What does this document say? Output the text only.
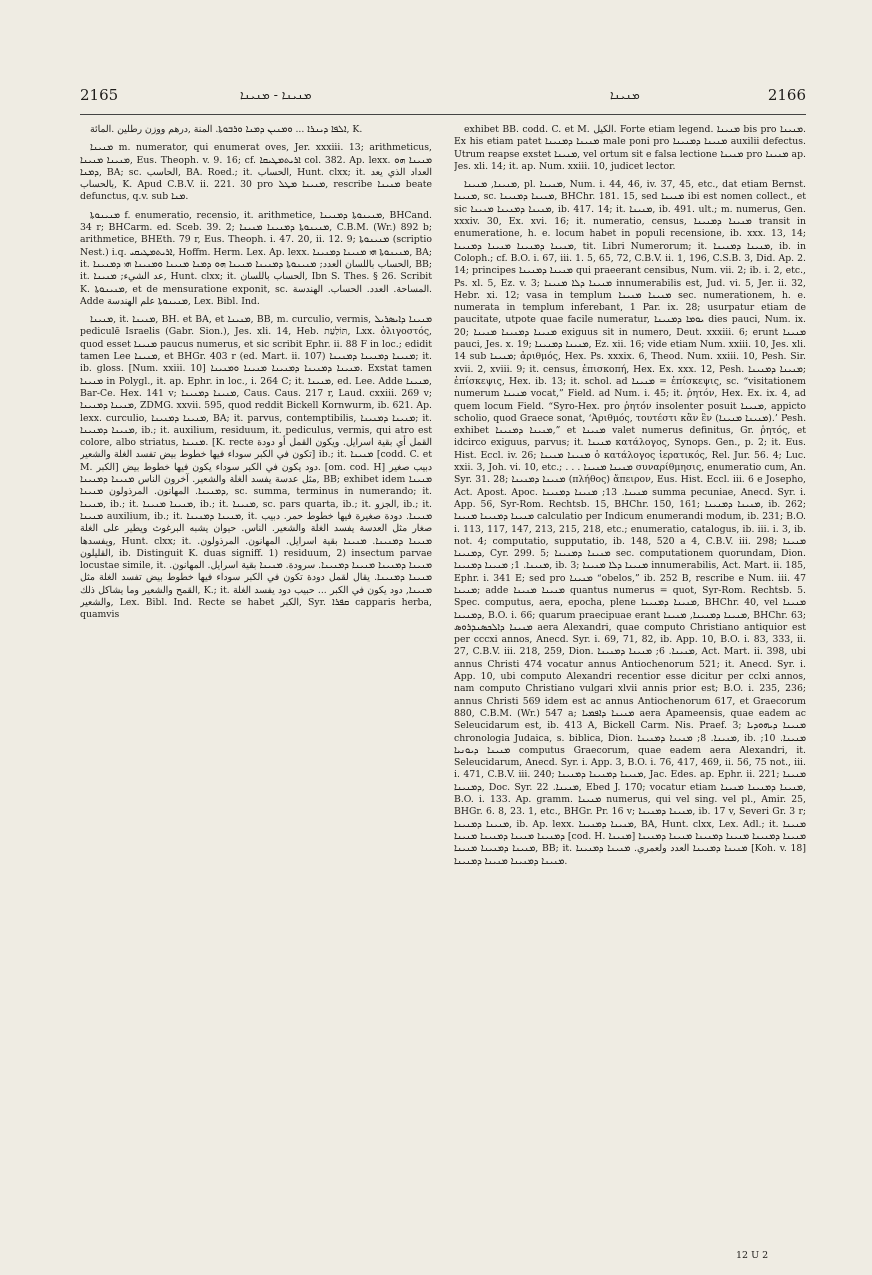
2165	ܡܢܝܢܐ - ܡܢܝܢܐ	ܡܢܝܢܐ	2166

ܐܠܦܐ ܕܝܢܪܐ ... ܘܡܢܝܢ ܕܡܢܐ ܘܪܒܘܬܐ. المنة ,درهم ووزن رطلين .المائة, K.

ܡܢܝܢܐ m. numerator, qui enumerat oves, Jer. xxxiii. 13; arithmeticus, ܡܢܝܢܐ ܡܢܝܢܐ, Eus. Theoph. v. 9. 16; cf. ܐܪܝܬܡܛܝܩܐ col. 382. Ap. lexx. ܡܢܝܢܐ ܗܘ ܕܡܢܐ, BA; sc. الحاسب, BA. Roed.; it. الحساب, Hunt. clxx; it. العداد الذي يعد بالحساب, K. Apud C.B.V. ii. 221. 30 pro ܡܢܝܢܐ ܡܛܠ, rescribe ܡܢܝܢܐ beate defunctus, q.v. sub ܡܢܐ.

ܡܢܝܢܘܬܐ f. enumeratio, recensio, it. arithmetice, ܡܢܝܢܘܬܐ ܕܡܢܝܢܐ, BHCand. 34 r; BHCarm. ed. Sceb. 39. 2; ܡܢܝܢܘܬܐ ܕܡܢܝܢܐ ܡܢܝܢܐ, C.B.M. (Wr.) 892 b; arithmetice, BHEth. 79 r, Eus. Theoph. i. 47. 20, ii. 12. 9; ܡܢܝܢܘܬܐ (scriptio Nest.) i.q. ܐܪܝܬܡܛܝܩܝ, Hoffm. Herm. Lex. Ap. lexx. ܡܢܝܢܘܬܐ ܗܝ ܡܢܝܢܐ ܕܡܢܝܢܐ, BA; it. الحساب باللسان العدد; ܡܢܝܢܘܬܐ ܕܡܢܝܢܐ ܡܢܝܢܐ ܗܘ ܕܡܢܐ ܡܢܝܢܐ ܘܡܢܝܢܐ ܗܝ ܕܡܢܝܢܐ, BB; it. عد الشيء; ܡܢܝܢܐ, Hunt. clxx; it. الحساب باللسان, Ibn S. Thes. § 26. Scribit K. ܡܢܝܢܘܬܐ, et de mensuratione exponit, sc. المساحة. العدد. الحساب. الهندسة. Adde ܡܢܝܢܘܬܐ علم الهندسة, Lex. Bibl. Ind.

ܡܢܝܢܐ, it. ܡܢܝܢܐ, BH. et BA, et ܡܢܝܢܐ, BB, m. curculio, vermis, ܡܢܝܢܐ ܕܐܝܣܪܝܠ pediculē Israelis (Gabr. Sion.), Jes. xli. 14, Heb. תּוֹלַעַת, Lxx. ὀλιγοστός, quod esset ܡܢܝܢܐ paucus numerus, et sic scribit Ephr. ii. 88 F in loc.; edidit tamen Lee ܡܢܝܢܐ, et BHGr. 403 r (ed. Mart. ii. 107) ܡܢܝܢܐ ܕܡܢܝܢܐ ܕܡܢܝܢܐ; it. ib. gloss. [Num. xxiii. 10] ܡܢܝܢܐ ܕܡܢܝܢܐ ܕܡܢܝܢܐ ܡܢܝܢܐ ܘܡܢܝܢܐ. Exstat tamen ܡܢܝܢܐ in Polygl., it. ap. Ephr. in loc., i. 264 C; it. ܡܢܝܢܐ, ed. Lee. Adde ܡܢܝܢܐ, Bar-Ce. Hex. 141 v; ܡܢܝܢܐ ܕܡܢܝܢܐ, Caus. Caus. 217 r, Laud. cxxiii. 269 v; ܡܢܝܢܐ ܕܡܢܝܢܐ, ZDMG. xxvii. 595, quod reddit Bickell Kornwurm, ib. 621. Ap. lexx. curculio, ܡܢܝܢܐ ܕܡܢܝܢܐ, BA; it. parvus, contemptibilis, ܡܢܝܢܐ ܕܡܢܝܢܐ; it. ܡܢܝܢܐ ܕܡܢܝܢܐ, ib.; it. auxilium, residuum, it. pediculus, vermis, qui atro est colore, albo striatus, ܡܢܝܢܐ. [K. recte القمل أي بقية اسرايل. ويكون القمل أو دودة تكون في الكبر سوداء فيها خطوط بيض تفسد الغلة والشعير] ib.; it. ܡܢܝܢܐ [codd. C. et M. الكبر] دود يكون في الكبر سوداء يكون فيها خطوط بيض. [om. cod. H] دبيب صغير مثل عدسة يفسد الغلة والشعير. آخرون الناس ܡܢܝܢܐ ܕܡܢܝܢܐ, BB; exhibet idem ܡܢܝܢܐ ܕܡܢܝܢܐ. المهانون. المرذولون ܡܢܝܢܐ, sc. summa, terminus in numerando; it. ܡܢܝܢܐ, ib.; it. ܡܢܝܢܐ ܡܢܝܢܐ, ib.; it. ܡܢܝܢܐ, sc. pars quarta, ib.; it. الجزو, ib.; it. ܡܢܝܢܐ auxilium, ib.; it. ܡܢܝܢܐ ܕܡܢܝܢܐ, it. ܡܢܝܢܐ. دودة صغيرة فيها خطوط حمر. دبيب صغار مثل العدسة يفسد الغلة والشعير. الناس. حيوان يشبه البرغوث ويطير على الغلة ويفسدها, Hunt. clxx; it. ܡܢܝܢܐ ܕܡܢܝܢܐ. ܡܢܝܢܐ بقية اسرايل. المهانون. المرذولون. القليلون, ib. Distinguit K. duas signiff. 1) residuum, 2) insectum parvae locustae simile, it. ܡܢܝܢܐ ܕܡܢܝܢܐ ܡܢܝܢܐ ܕܡܢܝܢܐ. سرودة. ܡܢܝܢܐ بقية اسرايل. المهانون. ܡܢܝܢܐ ܕܡܢܝܢܐ. يقال لقمل دودة تكون في الكبر سوداء فيها خطوط بيض تفسد الغلة مثل القمح والشعير وما يشاكل ذلك, K.; it. ܡܢܝܢܐ, دود يكون في الكبر ... حبيب دود يفسد الغلة والشعير, Lex. Bibl. Ind. Recte se habet الكبر, Syr. ܩܦܪܐ capparis herba, quamvis

exhibet BB. codd. C. et M. الكيل. Forte etiam legend. ܡܢܝܢܐ bis pro ܡܢܝܢܐ. Ex his etiam patet ܡܢܝܢܐ ܕܡܢܝܢܐ male poni pro ܡܢܝܢܐ ܕܡܢܝܢܐ auxilii defectus. Utrum reapse exstet ܡܢܝܢܐ, vel ortum sit e falsa lectione ܡܢܝܢܐ pro ܡܢܝܢܐ ap. Jes. xli. 14; it. ap. Num. xxiii. 10, judicet lector.

ܡܢܝܢܐ, ܡܢܝܢܐ, pl. ܡܢܝܢܐ, Num. i. 44, 46, iv. 37, 45, etc., dat etiam Bernst. ܡܢܝܢܐ, sc. ܡܢܝܢܐ ܕܡܢܝܢܐ, BHChr. 181. 15, sed ܡܢܝܢܐ ibi est nomen collect., et sic ܡܢܝܢܐ ܕܡܢܝܢܐ ܡܢܝܢܐ, ib. 417. 14; it. ܡܢܝܢܐ, ib. 491. ult.; m. numerus, Gen. xxxiv. 30, Ex. xvi. 16; it. numeratio, census, ܡܢܝܢܐ ܕܡܢܝܢܐ transit in enumeratione, h. e. locum habet in populi recensione, ib. xxx. 13, 14; ܡܢܝܢܐ ܕܡܢܝܢܐ ܡܢܝܢܐ ܕܡܢܝܢܐ, tit. Libri Numerorum; it. ܡܢܝܢܐ ܕܡܢܝܢܐ, ib. in Coloph.; cf. B.O. i. 67, iii. 1. 5, 65, 72, C.B.V. ii. 1, 196, C.S.B. 3, Did. Ap. 2. 14; principes ܡܢܝܢܐ ܕܡܢܝܢܐ qui praeerant censibus, Num. vii. 2; ib. i. 2, etc., Ps. xl. 5, Ez. v. 3; ܡܢܝܢܐ ܕܠܐ ܡܢܝܢܐ innumerabilis est, Jud. vi. 5, Jer. ii. 32, Hebr. xi. 12; vasa in templum ܡܢܝܢܐ ܡܢܝܢܐ sec. numerationem, h. e. numerata in templum inferebant, 1 Par. ix. 28; usurpatur etiam de paucitate, utpote quae facile numeratur, ܝܘܡܐ ܕܡܢܝܢܐ dies pauci, Num. ix. 20; ܡܢܝܢܐ ܕܡܢܝܢܐ ܡܢܝܢܐ exiguus sit in numero, Deut. xxxiii. 6; erunt ܡܢܝܢܐ pauci, Jes. x. 19; ܡܢܝܢܐ ܕܡܢܝܢܐ, Ez. xii. 16; vide etiam Num. xxiii. 10, Jes. xli. 14 sub ܡܢܝܢܐ; ἀριθμός, Hex. Ps. xxxix. 6, Theod. Num. xxiii. 10, Pesh. Sir. xvii. 2, xviii. 9; it. census, ἐπισκοπή, Hex. Ex. xxx. 12, Pesh. ܡܢܝܢܐ ܕܡܢܝܢܐ; ἐπίσκεψις, Hex. ib. 13; it. schol. ad ܡܢܝܢܐ = ἐπίσκεψις, sc. “visitationem numerum ܡܢܝܢܐ vocat,” Field. ad Num. i. 45; it. ῥητόν, Hex. Ex. ix. 4, ad quem locum Field. “Syro-Hex. pro ῥητόν insolenter posuit ܡܢܝܢܐ, appicto scholio, quod Graece sonat, ‘Ἀριθμός, τουτέστι κἂν ἓν (ܡܢܝܢܐ ܡܢܝܢܐ).’ Pesh. exhibet ܡܢܝܢܐ ܕܡܢܝܢܐ,” et ܡܢܝܢܐ valet numerus definitus, Gr. ῥητός, et idcirco exiguus, parvus; it. ܡܢܝܢܐ κατάλογος, Synops. Gen., p. 2; it. Eus. Hist. Eccl. iv. 26; ܡܢܝܢܐ ܡܢܝܢܐ ὁ κατάλογος ἱερατικός, Rel. Jur. 56. 4; Luc. xxii. 3, Joh. vi. 10, etc.; . . . ܡܢܝܢܐ ܡܢܝܢܐ συναρίθμησις, enumeratio cum, An. Syr. 31. 28; ܡܢܝܢܐ ܕܡܢܝܢܐ (πλήθος) ἄπειρον, Eus. Hist. Eccl. iii. 6 e Josepho, Act. Apost. Apoc. ܡܢܝܢܐ. 13; ܡܢܝܢܐ ܕܡܢܝܢܐ summa pecuniae, Anecd. Syr. i. App. 56, Syr-Rom. Rechtsb. 15, BHChr. 150, 161; ܡܢܝܢܐ ܕܡܢܝܢܐ, ib. 262; ܡܢܝܢܐ ܕܡܢܝܢܐ ܡܢܝܢܐ calculatio per Indicum enumerandi modum, ib. 231; B.O. i. 113, 117, 147, 213, 215, 218, etc.; enumeratio, catalogus, ib. iii. i. 3, ib. not. 4; computatio, supputatio, ib. 148, 520 a 4, C.B.V. iii. 298; ܡܢܝܢܐ ܕܡܢܝܢܐ, Cyr. 299. 5; ܡܢܝܢܐ ܕܡܢܝܢܐ sec. computationem quorundam, Dion. ܡܢܝܢܐ. 1; ܡܢܝܢܐ ܕܡܢܝܢܐ, ib. 3; ܡܢܝܢܐ ܕܠܐ ܡܢܝܢܐ innumerabilis, Act. Mart. ii. 185, Ephr. i. 341 E; sed pro ܡܢܝܢܐ “obelos,” ib. 252 B, rescribe e Num. iii. 47 ܡܢܝܢܐ; adde ܡܢܝܢܐ ܡܢܝܢܐ quantus numerus = quot, Syr-Rom. Rechtsb. 5. Spec. computus, aera, epocha, plene ܡܢܝܢܐ ܕܡܢܝܢܐ, BHChr. 40, vel ܡܢܝܢܐ ܕܡܢܝܢܐ, B.O. i. 66; quarum praecipuae erant ܡܢܝܢܐ ܕܡܢܝܢܐ, ܡܢܝܢܐ, BHChr. 63; ܡܢܝܢܐ ܕܐܠܟܣܢܕܪܘܣ aera Alexandri, quae computo Christiano antiquior est per cccxi annos, Anecd. Syr. i. 69, 71, 82, ib. App. 10, B.O. i. 83, 333, ii. 27, C.B.V. iii. 218, 259, Dion. ܡܢܝܢܐ. 6; ܡܢܝܢܐ ܕܡܢܝܢܐ, Act. Mart. ii. 398, ubi annus Christi 474 vocatur annus Antiochenorum 521; it. Anecd. Syr. i. App. 10, ubi computo Alexandri recentior esse dicitur per cclxi annos, nam computo Christiano vulgari xlvii annis prior est; B.O. i. 235, 236; annus Christi 569 idem est ac annus Antiochenorum 617, et Graecorum 880, C.B.M. (Wr.) 547 a; ܡܢܝܢܐ ܕܐܦܡܝܐ aera Apameensis, quae eadem ac Seleucidarum est, ib. 413 A, Bickell Carm. Nis. Praef. 3; ܡܢܝܢܐ ܕܝܗܘܕܝܐ chronologia Judaica, s. biblica, Dion. ܡܢܝܢܐ. 8; ܡܢܝܢܐ ܕܡܢܝܢܐ, ib. ܡܢܝܢܐ. 10; ܡܢܝܢܐ ܕܝܘܢܝܐ computus Graecorum, quae eadem aera Alexandri, it. Seleucidarum, Anecd. Syr. i. App. 3, B.O. i. 76, 417, 469, ii. 56, 75 not., iii. i. 471, C.B.V. iii. 240; ܡܢܝܢܐ ܕܡܢܝܢܐ ܕܡܢܝܢܐ, Jac. Edes. ap. Ephr. ii. 221; ܡܢܝܢܐ ܕܡܢܝܢܐ, Doc. Syr. ܡܢܝܢܐ. 22, Ebed J. 170; vocatur etiam ܡܢܝܢܐ ܕܡܢܝܢܐ ܡܢܝܢܐ, B.O. i. 133. Ap. gramm. ܡܢܝܢܐ numerus, qui vel sing. vel pl., Amir. 25, BHGr. 6. 8, 23. 1, etc., BHGr. Pr. 16 v; ܡܢܝܢܐ ܕܡܢܝܢܐ, ib. 17 v, Severi Gr. 3 r; ܡܢܝܢܐ ܕܡܢܝܢܐ, ib. Ap. lexx. ܡܢܝܢܐ ܕܡܢܝܢܐ, BA, Hunt. clxx, Lex. Adl.; it. ܡܢܝܢܐ ܕܡܢܝܢܐ ܡܢܝܢܐ ܕܡܢܝܢܐ ܡܢܝܢܐ [cod. H. ܡܢܝܢܐ] ܡܢܝܢܐ ܕܡܢܝܢܐ ܡܢܝܢܐ ܕܡܢܝܢܐ ܡܢܝܢܐ ܕܡܢܝܢܐ ܡܢܝܢܐ ܕܡܢܝܢܐ ܡܢܝܢܐ, BB; it. ܡܢܝܢܐ ܕܡܢܝܢܐ العدد ولعمري. ܡܢܝܢܐ ܕܡܢܝܢܐ [Koh. v. 18] ܡܢܝܢܐ ܕܡܢܝܢܐ ܡܢܝܢܐ ܕܡܢܝܢܐ.

12 U 2
